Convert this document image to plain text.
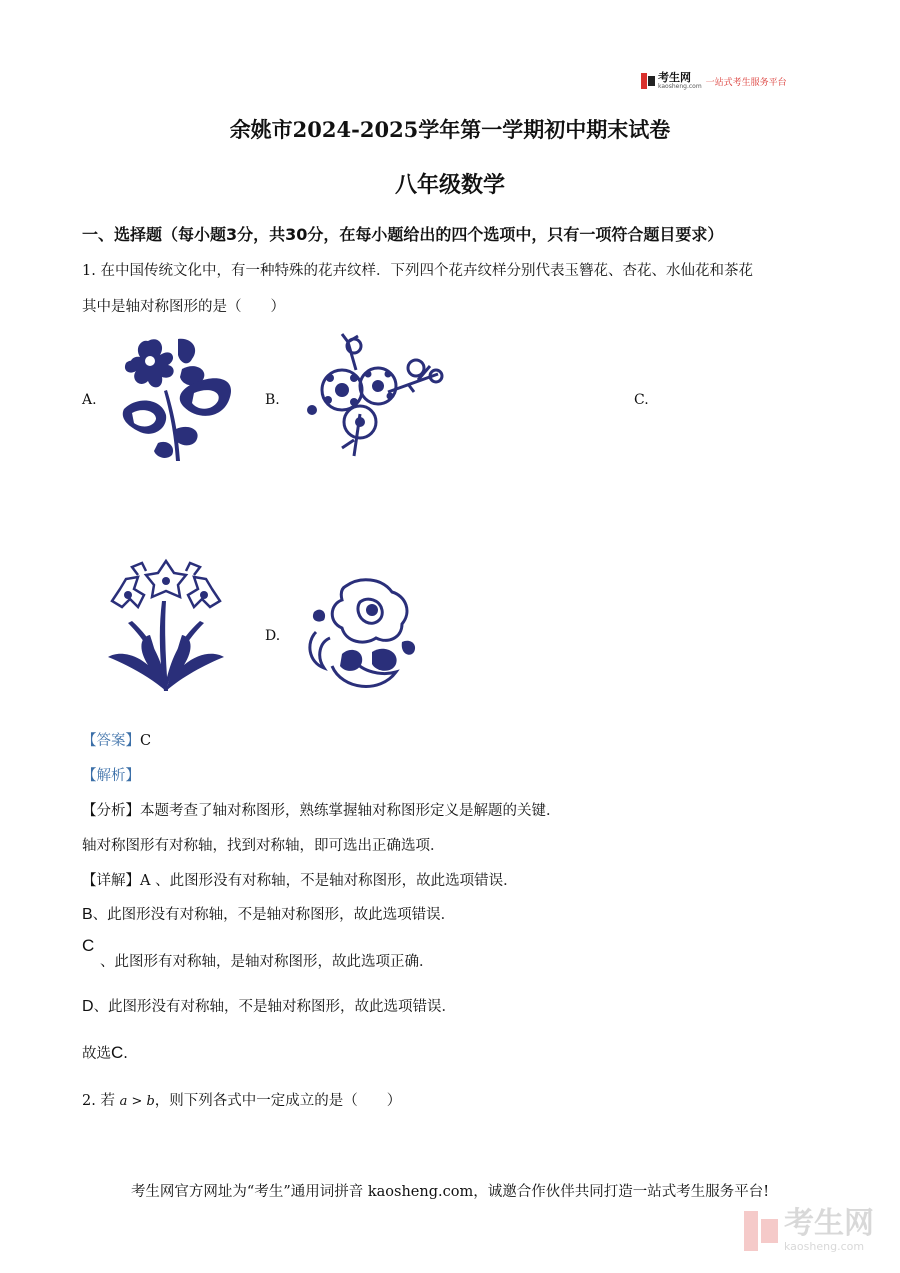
考生网
kaosheng.com 一站式考生服务平台
余姚市2024-2025学年第一学期初中期末试卷
八年级数学
一、选择题（每小题3分，共30分，在每小题给出的四个选项中，只有一项符合题目要求）
1. 在中国传统文化中，有一种特殊的花卉纹样．下列四个花卉纹样分别代表玉簪花、杏花、水仙花和茶花
其中是轴对称图形的是（　　）
A.	B.	C.
D.
【答案】C
【解析】
【分析】本题考查了轴对称图形，熟练掌握轴对称图形定义是解题的关键．
轴对称图形有对称轴，找到对称轴，即可选出正确选项．
【详解】A 、此图形没有对称轴，不是轴对称图形，故此选项错误．
B、此图形没有对称轴，不是轴对称图形，故此选项错误．
C
、此图形有对称轴，是轴对称图形，故此选项正确．
D、此图形没有对称轴，不是轴对称图形，故此选项错误．
故选C.
2. 若 a > b，则下列各式中一定成立的是（　　）
考生网官方网址为“考生”通用词拼音 kaosheng.com，诚邀合作伙伴共同打造一站式考生服务平台!
考生网
kaosheng.com
